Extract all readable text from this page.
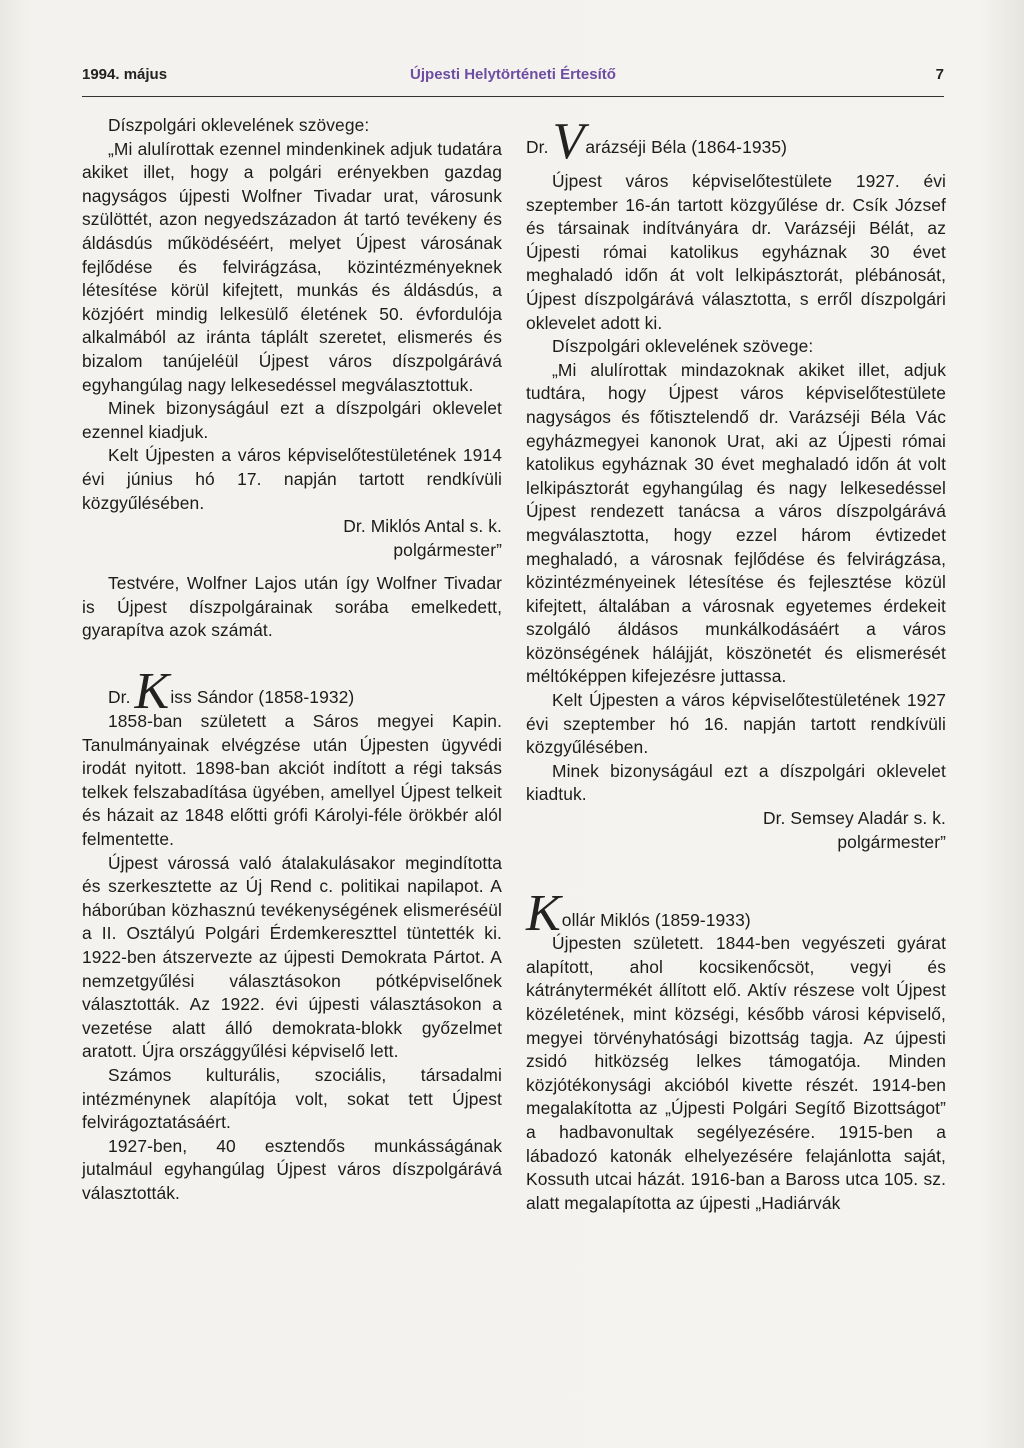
1994. május	Újpesti Helytörténeti Értesítő	7

Díszpolgári oklevelének szövege:

„Mi alulírottak ezennel mindenkinek adjuk tudatára akiket illet, hogy a polgári erényekben gazdag nagyságos újpesti Wolfner Tivadar urat, városunk szülöttét, azon negyedszázadon át tartó tevékeny és áldásdús működéséért, melyet Újpest városának fejlődése és felvirágzása, közintézményeknek létesítése körül kifejtett, munkás és áldásdús, a közjóért mindig lelkesülő életének 50. évfordulója alkalmából az iránta táplált szeretet, elismerés és bizalom tanújeléül Újpest város díszpolgárává egyhangúlag nagy lelkesedéssel megválasztottuk.

Minek bizonyságául ezt a díszpolgári oklevelet ezennel kiadjuk.

Kelt Újpesten a város képviselőtestületének 1914 évi június hó 17. napján tartott rendkívüli közgyűlésében.

Dr. Miklós Antal s. k.

polgármester”

Testvére, Wolfner Lajos után így Wolfner Tivadar is Újpest díszpolgárainak sorába emelkedett, gyarapítva azok számát.

Dr. K iss Sándor (1858-1932)

1858-ban született a Sáros megyei Kapin. Tanulmányainak elvégzése után Újpesten ügyvédi irodát nyitott. 1898-ban akciót indított a régi taksás telkek felszabadítása ügyében, amellyel Újpest telkeit és házait az 1848 előtti grófi Károlyi-féle örökbér alól felmentette.

Újpest várossá való átalakulásakor megindította és szerkesztette az Új Rend c. politikai napilapot. A háborúban közhasznú tevékenységének elismeréséül a II. Osztályú Polgári Érdemkereszttel tüntették ki. 1922-ben átszervezte az újpesti Demokrata Pártot. A nemzetgyűlési választásokon pótképviselőnek választották. Az 1922. évi újpesti választásokon a vezetése alatt álló demokrata-blokk győzelmet aratott. Újra országgyűlési képviselő lett.

Számos kulturális, szociális, társadalmi intézménynek alapítója volt, sokat tett Újpest felvirágoztatásáért.

1927-ben, 40 esztendős munkásságának jutalmául egyhangúlag Újpest város díszpolgárává választották.

Dr. V arázséji Béla (1864-1935)

Újpest város képviselőtestülete 1927. évi szeptember 16-án tartott közgyűlése dr. Csík József és társainak indítványára dr. Varázséji Bélát, az Újpesti római katolikus egyháznak 30 évet meghaladó időn át volt lelkipásztorát, plébánosát, Újpest díszpolgárává választotta, s erről díszpolgári oklevelet adott ki.

Díszpolgári oklevelének szövege:

„Mi alulírottak mindazoknak akiket illet, adjuk tudtára, hogy Újpest város képviselőtestülete nagyságos és főtisztelendő dr. Varázséji Béla Vác egyházmegyei kanonok Urat, aki az Újpesti római katolikus egyháznak 30 évet meghaladó időn át volt lelkipásztorát egyhangúlag és nagy lelkesedéssel Újpest rendezett tanácsa a város díszpolgárává megválasztotta, hogy ezzel három évtizedet meghaladó, a városnak fejlődése és felvirágzása, közintézményeinek létesítése és fejlesztése közül kifejtett, általában a városnak egyetemes érdekeit szolgáló áldásos munkálkodásáért a város közönségének hálájját, köszönetét és elismerését méltóképpen kifejezésre juttassa.

Kelt Újpesten a város képviselőtestületének 1927 évi szeptember hó 16. napján tartott rendkívüli közgyűlésében.

Minek bizonyságául ezt a díszpolgári oklevelet kiadtuk.

Dr. Semsey Aladár s. k.

polgármester”

K ollár Miklós (1859-1933)

Újpesten született. 1844-ben vegyészeti gyárat alapított, ahol kocsikenőcsöt, vegyi és kátránytermékét állított elő. Aktív részese volt Újpest közéletének, mint községi, később városi képviselő, megyei törvényhatósági bizottság tagja. Az újpesti zsidó hitközség lelkes támogatója. Minden közjótékonysági akcióból kivette részét. 1914-ben megalakította az „Újpesti Polgári Segítő Bizottságot” a hadbavonultak segélyezésére. 1915-ben a lábadozó katonák elhelyezésére felajánlotta saját, Kossuth utcai házát. 1916-ban a Baross utca 105. sz. alatt megalapította az újpesti „Hadiárvák
